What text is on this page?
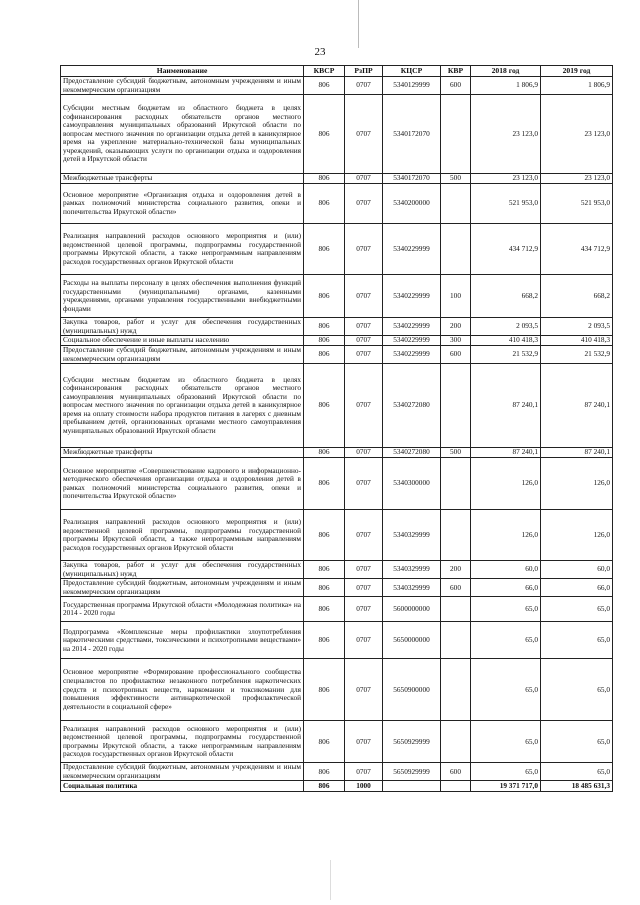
23
Наименование	КВСР	РзПР	КЦСР	КВР	2018 год	2019 год
Предоставление субсидий бюджетным, автономным учреждениям и иным некоммерческим организациям	806	0707	5340129999	600	1 806,9	1 806,9
Субсидии местным бюджетам из областного бюджета в целях софинансирования расходных обязательств органов местного самоуправления муниципальных образований Иркутской области по вопросам местного значения по организации отдыха детей в каникулярное время на укрепление материально-технической базы муниципальных учреждений, оказывающих услуги по организации отдыха и оздоровления детей в Иркутской области	806	0707	5340172070		23 123,0	23 123,0
Межбюджетные трансферты	806	0707	5340172070	500	23 123,0	23 123,0
Основное мероприятие «Организация отдыха и оздоровления детей в рамках полномочий министерства социального развития, опеки и попечительства Иркутской области»	806	0707	5340200000		521 953,0	521 953,0
Реализация направлений расходов основного мероприятия и (или) ведомственной целевой программы, подпрограммы государственной программы Иркутской области, а также непрограммным направлениям расходов государственных органов Иркутской области	806	0707	5340229999		434 712,9	434 712,9
Расходы на выплаты персоналу в целях обеспечения выполнения функций государственными (муниципальными) органами, казенными учреждениями, органами управления государственными внебюджетными фондами	806	0707	5340229999	100	668,2	668,2
Закупка товаров, работ и услуг для обеспечения государственных (муниципальных) нужд	806	0707	5340229999	200	2 093,5	2 093,5
Социальное обеспечение и иные выплаты населению	806	0707	5340229999	300	410 418,3	410 418,3
Предоставление субсидий бюджетным, автономным учреждениям и иным некоммерческим организациям	806	0707	5340229999	600	21 532,9	21 532,9
Субсидии местным бюджетам из областного бюджета в целях софинансирования расходных обязательств органов местного самоуправления муниципальных образований Иркутской области по вопросам местного значения по организации отдыха детей в каникулярное время на оплату стоимости набора продуктов питания в лагерях с дневным пребыванием детей, организованных органами местного самоуправления муниципальных образований Иркутской области	806	0707	5340272080		87 240,1	87 240,1
Межбюджетные трансферты	806	0707	5340272080	500	87 240,1	87 240,1
Основное мероприятие «Совершенствование кадрового и информационно-методического обеспечения организации отдыха и оздоровления детей в рамках полномочий министерства социального развития, опеки и попечительства Иркутской области»	806	0707	5340300000		126,0	126,0
Реализация направлений расходов основного мероприятия и (или) ведомственной целевой программы, подпрограммы государственной программы Иркутской области, а также непрограммным направлениям расходов государственных органов Иркутской области	806	0707	5340329999		126,0	126,0
Закупка товаров, работ и услуг для обеспечения государственных (муниципальных) нужд	806	0707	5340329999	200	60,0	60,0
Предоставление субсидий бюджетным, автономным учреждениям и иным некоммерческим организациям	806	0707	5340329999	600	66,0	66,0
Государственная программа Иркутской области «Молодежная политика» на 2014 - 2020 годы	806	0707	5600000000		65,0	65,0
Подпрограмма «Комплексные меры профилактики злоупотребления наркотическими средствами, токсическими и психотропными веществами» на 2014 - 2020 годы	806	0707	5650000000		65,0	65,0
Основное мероприятие «Формирование профессионального сообщества специалистов по профилактике незаконного потребления наркотических средств и психотропных веществ, наркомании и токсикомании для повышения эффективности антинаркотической профилактической деятельности в социальной сфере»	806	0707	5650900000		65,0	65,0
Реализация направлений расходов основного мероприятия и (или) ведомственной целевой программы, подпрограммы государственной программы Иркутской области, а также непрограммным направлениям расходов государственных органов Иркутской области	806	0707	5650929999		65,0	65,0
Предоставление субсидий бюджетным, автономным учреждениям и иным некоммерческим организациям	806	0707	5650929999	600	65,0	65,0
Социальная политика	806	1000			19 371 717,0	18 485 631,3
